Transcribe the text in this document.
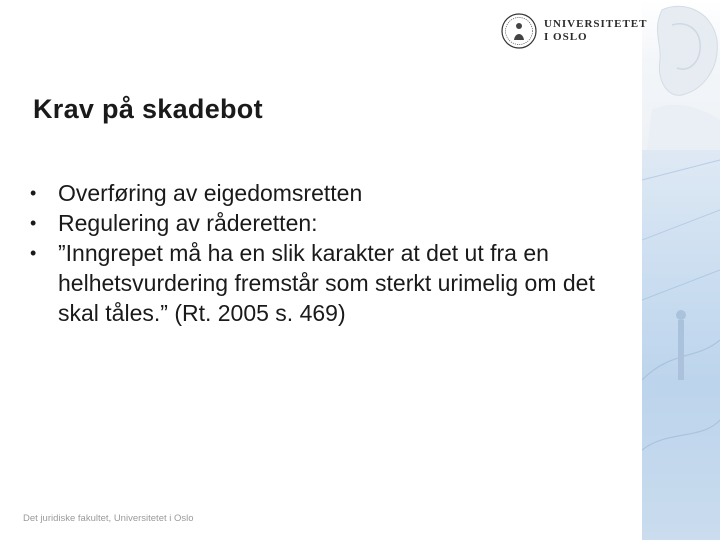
UNIVERSITETET
I OSLO
Krav på skadebot
• Overføring av eigedomsretten
• Regulering av råderetten:
• ”Inngrepet må ha en slik karakter at det ut fra en helhetsvurdering fremstår som sterkt urimelig om det skal tåles.” (Rt. 2005 s. 469)
Det juridiske fakultet, Universitetet i Oslo
